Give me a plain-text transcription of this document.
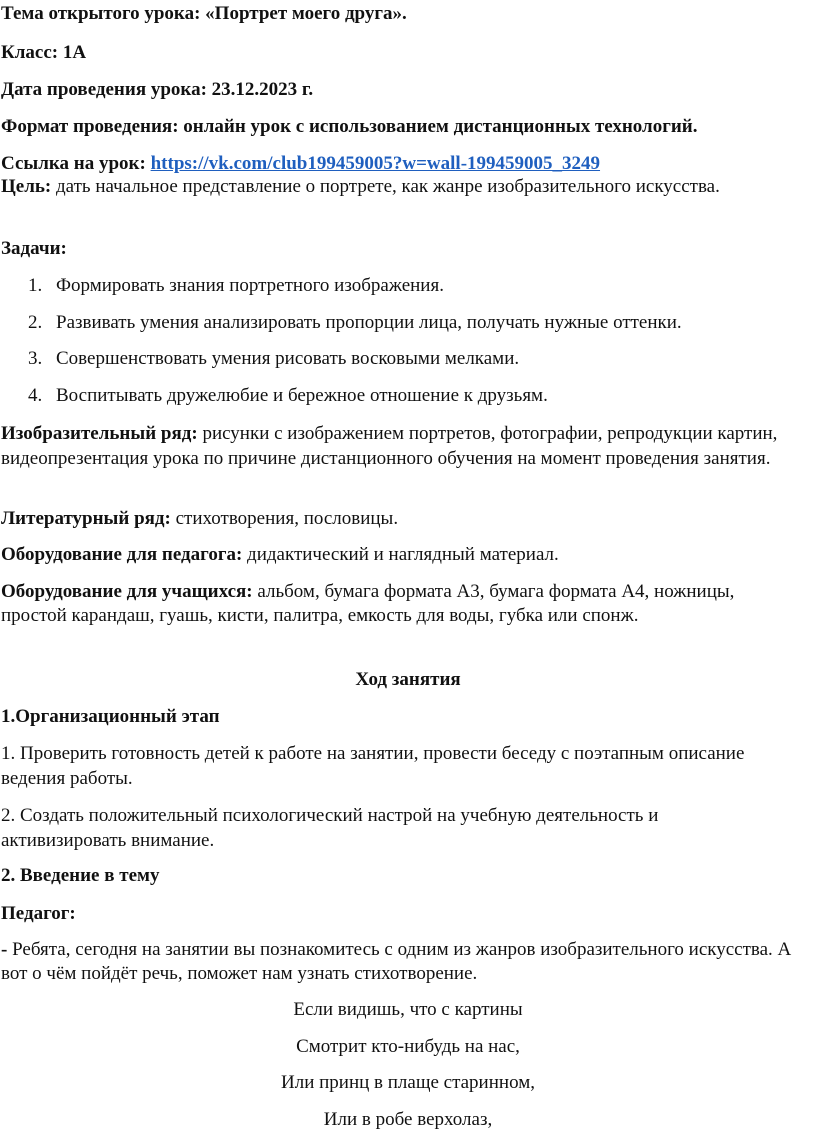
Тема открытого урока: «Портрет моего друга».

Класс: 1А

Дата проведения урока: 23.12.2023 г.

Формат проведения: онлайн урок с использованием дистанционных технологий.

Ссылка на урок: https://vk.com/club199459005?w=wall-199459005_3249

Цель: дать начальное представление о портрете, как жанре изобразительного искусства.

Задачи:

1. Формировать знания портретного изображения.
2. Развивать умения анализировать пропорции лица, получать нужные оттенки.
3. Совершенствовать умения рисовать восковыми мелками.
4. Воспитывать дружелюбие и бережное отношение к друзьям.

Изобразительный ряд: рисунки с изображением портретов, фотографии, репродукции картин, видеопрезентация урока по причине дистанционного обучения на момент проведения занятия.

Литературный ряд: стихотворения, пословицы.

Оборудование для педагога: дидактический и наглядный материал.

Оборудование для учащихся: альбом, бумага формата А3, бумага формата А4, ножницы, простой карандаш, гуашь, кисти, палитра, емкость для воды, губка или спонж.

Ход занятия

1.Организационный этап

1. Проверить готовность детей к работе на занятии, провести беседу с поэтапным описание ведения работы.

2. Создать положительный психологический настрой на учебную деятельность и активизировать внимание.

2. Введение в тему

Педагог:

- Ребята, сегодня на занятии вы познакомитесь с одним из жанров изобразительного искусства. А вот о чём пойдёт речь, поможет нам узнать стихотворение.

Если видишь, что с картины

Смотрит кто-нибудь на нас,

Или принц в плаще старинном,

Или в робе верхолаз,
